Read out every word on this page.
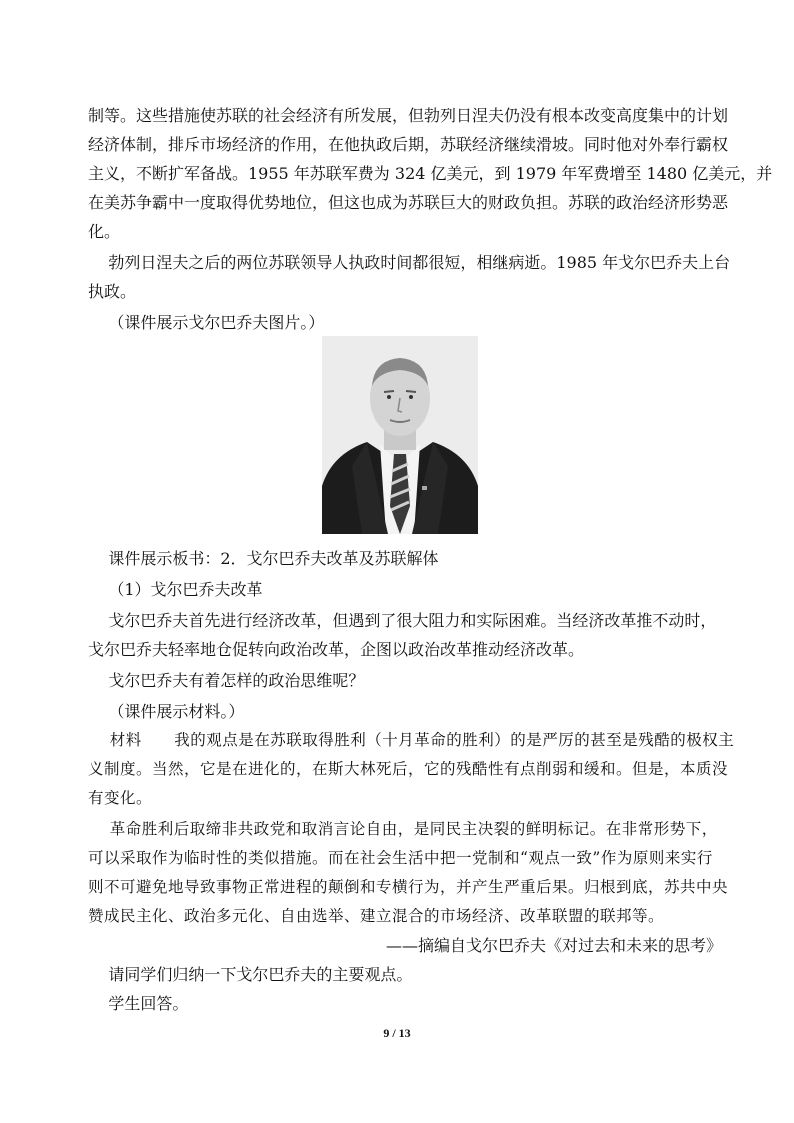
制等。这些措施使苏联的社会经济有所发展，但勃列日涅夫仍没有根本改变高度集中的计划

经济体制，排斥市场经济的作用，在他执政后期，苏联经济继续滑坡。同时他对外奉行霸权

主义，不断扩军备战。1955 年苏联军费为 324 亿美元，到 1979 年军费增至 1480 亿美元，并

在美苏争霸中一度取得优势地位，但这也成为苏联巨大的财政负担。苏联的政治经济形势恶

化。

勃列日涅夫之后的两位苏联领导人执政时间都很短，相继病逝。1985 年戈尔巴乔夫上台

执政。

（课件展示戈尔巴乔夫图片。）

课件展示板书：2．戈尔巴乔夫改革及苏联解体

（1）戈尔巴乔夫改革

戈尔巴乔夫首先进行经济改革，但遇到了很大阻力和实际困难。当经济改革推不动时，

戈尔巴乔夫轻率地仓促转向政治改革，企图以政治改革推动经济改革。

戈尔巴乔夫有着怎样的政治思维呢？

（课件展示材料。）

材料      我的观点是在苏联取得胜利（十月革命的胜利）的是严厉的甚至是残酷的极权主

义制度。当然，它是在进化的，在斯大林死后，它的残酷性有点削弱和缓和。但是，本质没

有变化。

革命胜利后取缔非共政党和取消言论自由，是同民主决裂的鲜明标记。在非常形势下，

可以采取作为临时性的类似措施。而在社会生活中把一党制和“观点一致”作为原则来实行

则不可避免地导致事物正常进程的颠倒和专横行为，并产生严重后果。归根到底，苏共中央

赞成民主化、政治多元化、自由选举、建立混合的市场经济、改革联盟的联邦等。

——摘编自戈尔巴乔夫《对过去和未来的思考》

请同学们归纳一下戈尔巴乔夫的主要观点。

学生回答。

9 / 13
